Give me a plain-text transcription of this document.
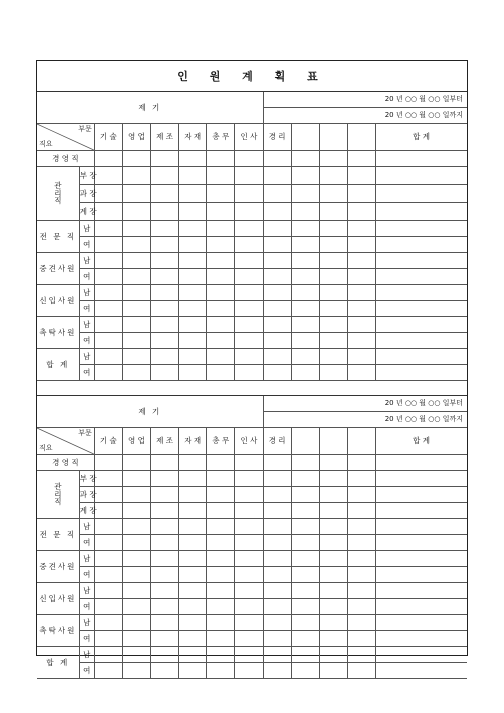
인 원 계 획 표
제 기								20 년 ○○ 월 ○○ 일부터				
								20 년 ○○ 월 ○○ 일까지				

부문
직요		기 술	영 업	제 조	자 재	총 무	인 사	경 리				합 계
경 영 직												
관
리
직	부 장											
	과 장											
	계 장											
전 문 직	남											
	여											
중견사원	남											
	여											
신입사원	남											
	여											
촉탁사원	남											
	여											
합 계	남											
	여											
제 기								20 년 ○○ 월 ○○ 일부터				
								20 년 ○○ 월 ○○ 일까지				

부문
직요		기 술	영 업	제 조	자 재	총 무	인 사	경 리				합 계
경 영 직												
관
리
직	부 장											
	과 장											
	계 장											
전 문 직	남											
	여											
중견사원	남											
	여											
신입사원	남											
	여											
촉탁사원	남											
	여											
합 계	남											
	여											
